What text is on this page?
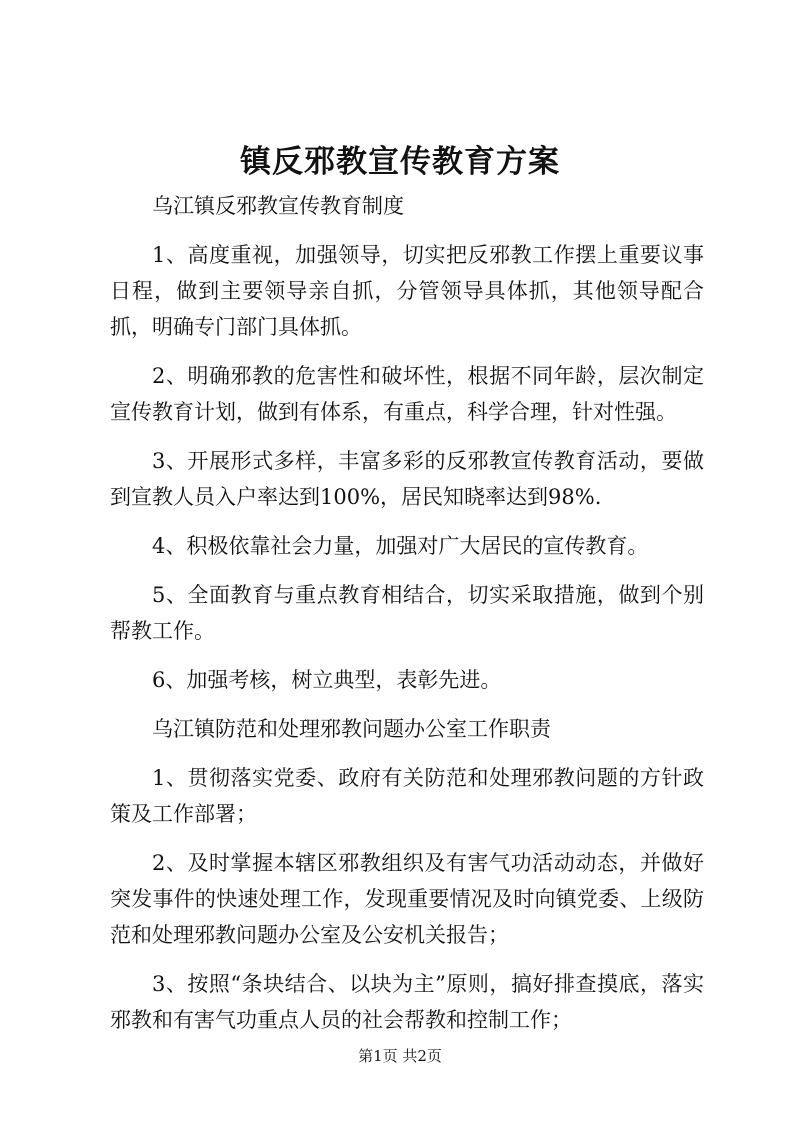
镇反邪教宣传教育方案

乌江镇反邪教宣传教育制度

1、高度重视，加强领导，切实把反邪教工作摆上重要议事日程，做到主要领导亲自抓，分管领导具体抓，其他领导配合抓，明确专门部门具体抓。

2、明确邪教的危害性和破坏性，根据不同年龄，层次制定宣传教育计划，做到有体系，有重点，科学合理，针对性强。

3、开展形式多样，丰富多彩的反邪教宣传教育活动，要做到宣教人员入户率达到100%，居民知晓率达到98%.

4、积极依靠社会力量，加强对广大居民的宣传教育。

5、全面教育与重点教育相结合，切实采取措施，做到个别帮教工作。

6、加强考核，树立典型，表彰先进。

乌江镇防范和处理邪教问题办公室工作职责

1、贯彻落实党委、政府有关防范和处理邪教问题的方针政策及工作部署；

2、及时掌握本辖区邪教组织及有害气功活动动态，并做好突发事件的快速处理工作，发现重要情况及时向镇党委、上级防范和处理邪教问题办公室及公安机关报告；

3、按照“条块结合、以块为主”原则，搞好排查摸底，落实邪教和有害气功重点人员的社会帮教和控制工作；

第1页 共2页
